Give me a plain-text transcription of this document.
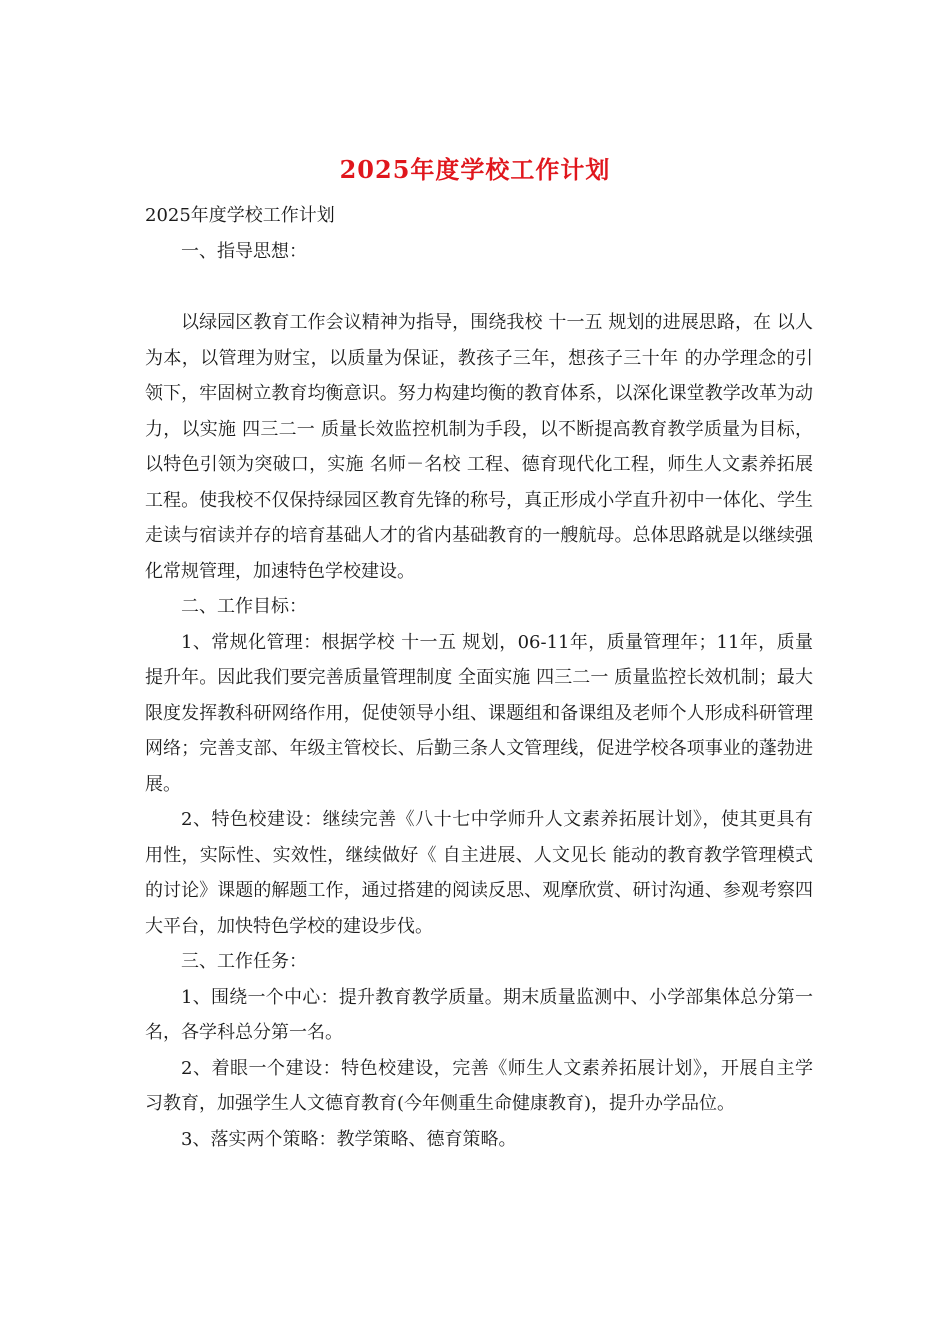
2025年度学校工作计划

2025年度学校工作计划

一、指导思想：

以绿园区教育工作会议精神为指导，围绕我校 十一五 规划的进展思路，在 以人为本，以管理为财宝，以质量为保证，教孩子三年，想孩子三十年 的办学理念的引领下，牢固树立教育均衡意识。努力构建均衡的教育体系，以深化课堂教学改革为动力，以实施 四三二一 质量长效监控机制为手段，以不断提高教育教学质量为目标，以特色引领为突破口，实施 名师－名校 工程、德育现代化工程，师生人文素养拓展工程。使我校不仅保持绿园区教育先锋的称号，真正形成小学直升初中一体化、学生走读与宿读并存的培育基础人才的省内基础教育的一艘航母。总体思路就是以继续强化常规管理，加速特色学校建设。

二、工作目标：

1、常规化管理：根据学校 十一五 规划，06-11年，质量管理年；11年，质量提升年。因此我们要完善质量管理制度 全面实施 四三二一 质量监控长效机制；最大限度发挥教科研网络作用，促使领导小组、课题组和备课组及老师个人形成科研管理网络；完善支部、年级主管校长、后勤三条人文管理线，促进学校各项事业的蓬勃进展。

2、特色校建设：继续完善《八十七中学师升人文素养拓展计划》，使其更具有用性，实际性、实效性，继续做好《 自主进展、人文见长 能动的教育教学管理模式的讨论》课题的解题工作，通过搭建的阅读反思、观摩欣赏、研讨沟通、参观考察四大平台，加快特色学校的建设步伐。

三、工作任务：

1、围绕一个中心：提升教育教学质量。期末质量监测中、小学部集体总分第一名，各学科总分第一名。

2、着眼一个建设：特色校建设，完善《师生人文素养拓展计划》，开展自主学习教育，加强学生人文德育教育(今年侧重生命健康教育)，提升办学品位。

3、落实两个策略：教学策略、德育策略。
